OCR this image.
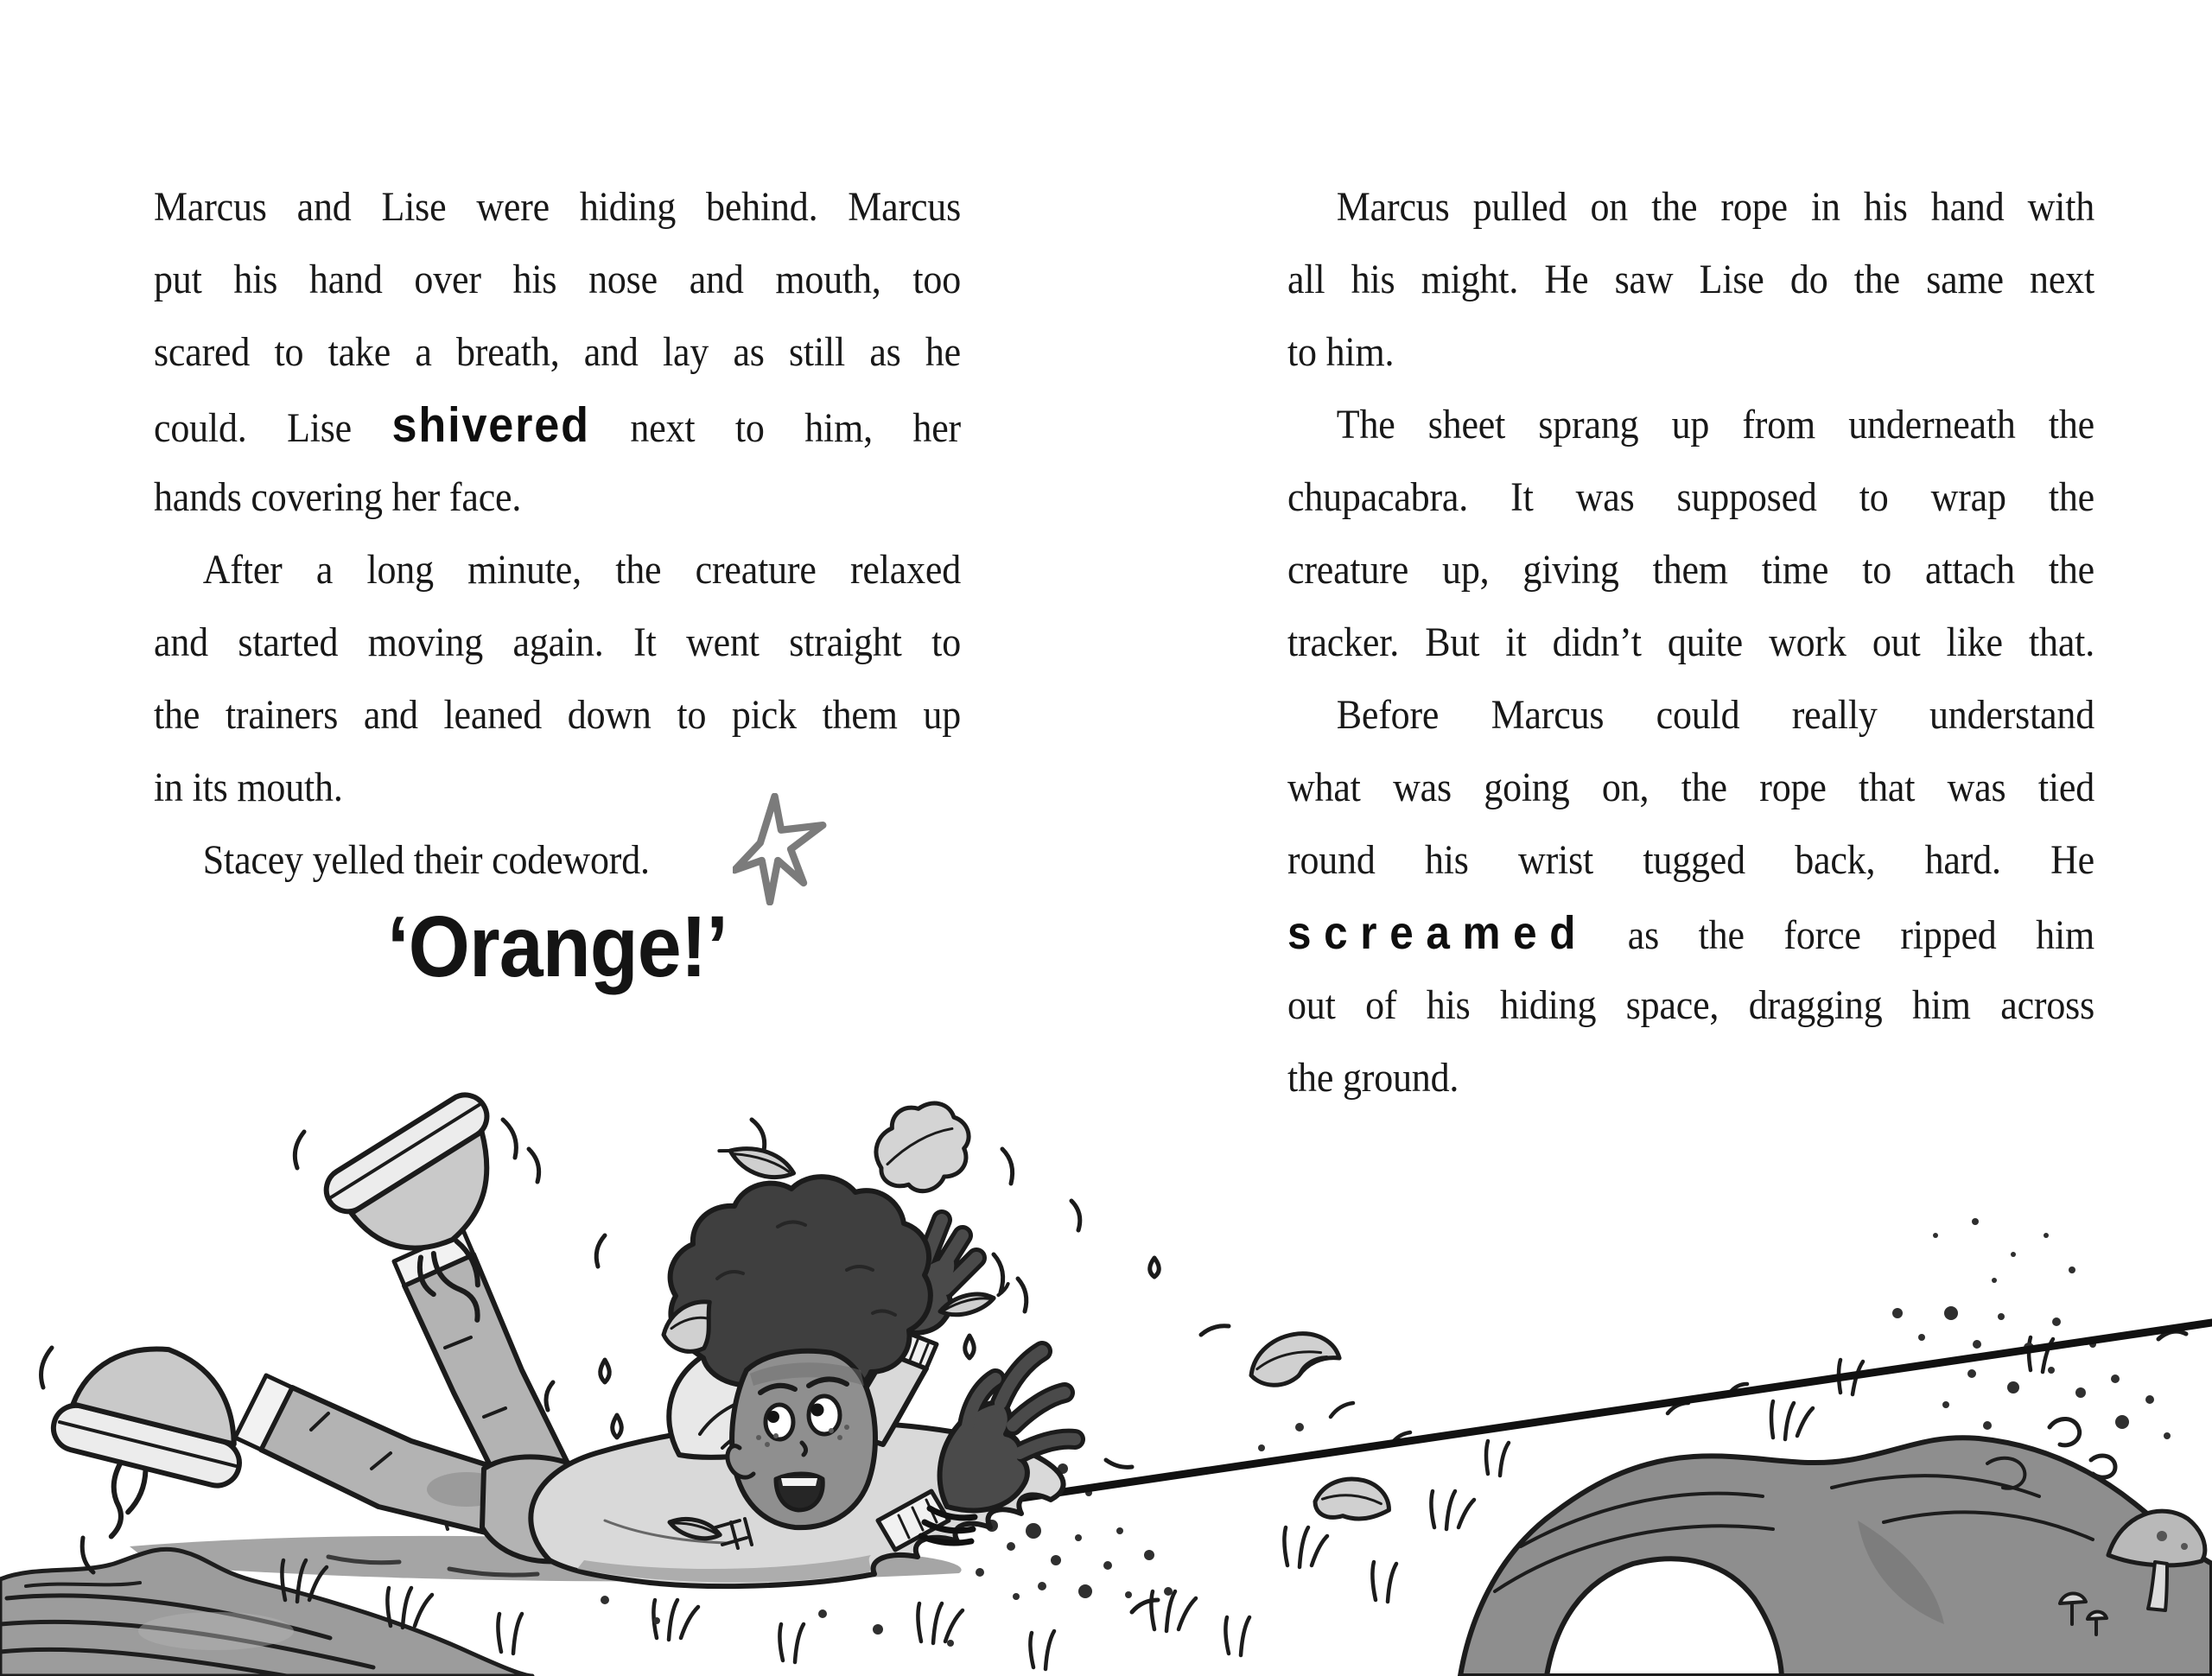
Marcus and Lise were hiding behind. Marcus
put his hand over his nose and mouth, too
scared to take a breath, and lay as still as he
could. Lise shivered next to him, her
hands covering her face.
After a long minute, the creature relaxed
and started moving again. It went straight to
the trainers and leaned down to pick them up
in its mouth.
Stacey yelled their codeword.
‘Orange!’
Marcus pulled on the rope in his hand with
all his might. He saw Lise do the same next
to him.
The sheet sprang up from underneath the
chupacabra. It was supposed to wrap the
creature up, giving them time to attach the
tracker. But it didn’t quite work out like that.
Before Marcus could really understand
what was going on, the rope that was tied
round his wrist tugged back, hard. He
screamed as the force ripped him
out of his hiding space, dragging him across
the ground.
